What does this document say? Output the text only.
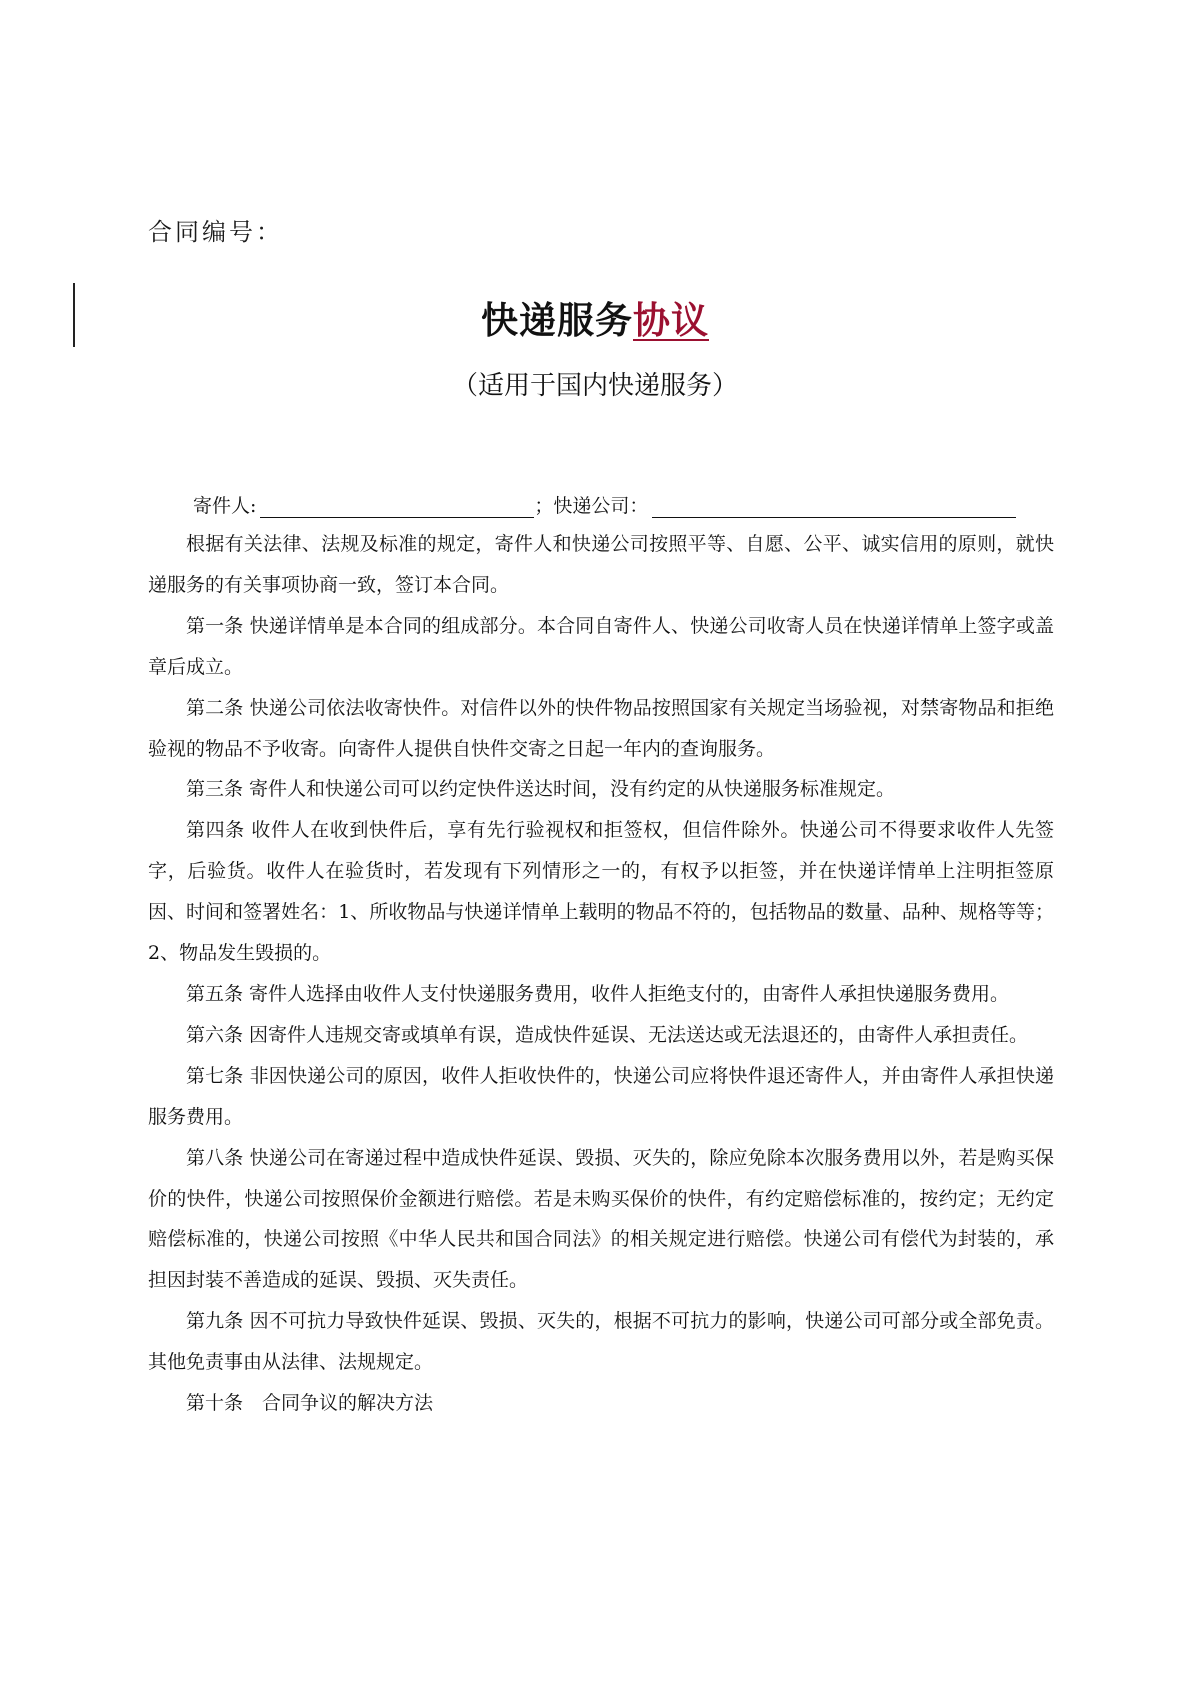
合同编号：
快递服务协议
（适用于国内快递服务）
寄件人:	； 快递公司：

根据有关法律、法规及标准的规定，寄件人和快递公司按照平等、自愿、公平、诚实信用的原则，就快递服务的有关事项协商一致，签订本合同。

第一条 快递详情单是本合同的组成部分。本合同自寄件人、快递公司收寄人员在快递详情单上签字或盖章后成立。

第二条 快递公司依法收寄快件。对信件以外的快件物品按照国家有关规定当场验视，对禁寄物品和拒绝验视的物品不予收寄。向寄件人提供自快件交寄之日起一年内的查询服务。

第三条 寄件人和快递公司可以约定快件送达时间，没有约定的从快递服务标准规定。

第四条 收件人在收到快件后，享有先行验视权和拒签权，但信件除外。快递公司不得要求收件人先签字，后验货。收件人在验货时，若发现有下列情形之一的，有权予以拒签，并在快递详情单上注明拒签原因、时间和签署姓名：1、所收物品与快递详情单上载明的物品不符的，包括物品的数量、品种、规格等等；2、物品发生毁损的。

第五条 寄件人选择由收件人支付快递服务费用，收件人拒绝支付的，由寄件人承担快递服务费用。

第六条 因寄件人违规交寄或填单有误，造成快件延误、无法送达或无法退还的，由寄件人承担责任。

第七条 非因快递公司的原因，收件人拒收快件的，快递公司应将快件退还寄件人，并由寄件人承担快递服务费用。

第八条 快递公司在寄递过程中造成快件延误、毁损、灭失的，除应免除本次服务费用以外，若是购买保价的快件，快递公司按照保价金额进行赔偿。若是未购买保价的快件，有约定赔偿标准的，按约定；无约定赔偿标准的，快递公司按照《中华人民共和国合同法》的相关规定进行赔偿。快递公司有偿代为封装的，承担因封装不善造成的延误、毁损、灭失责任。

第九条 因不可抗力导致快件延误、毁损、灭失的，根据不可抗力的影响，快递公司可部分或全部免责。其他免责事由从法律、法规规定。

第十条　合同争议的解决方法
